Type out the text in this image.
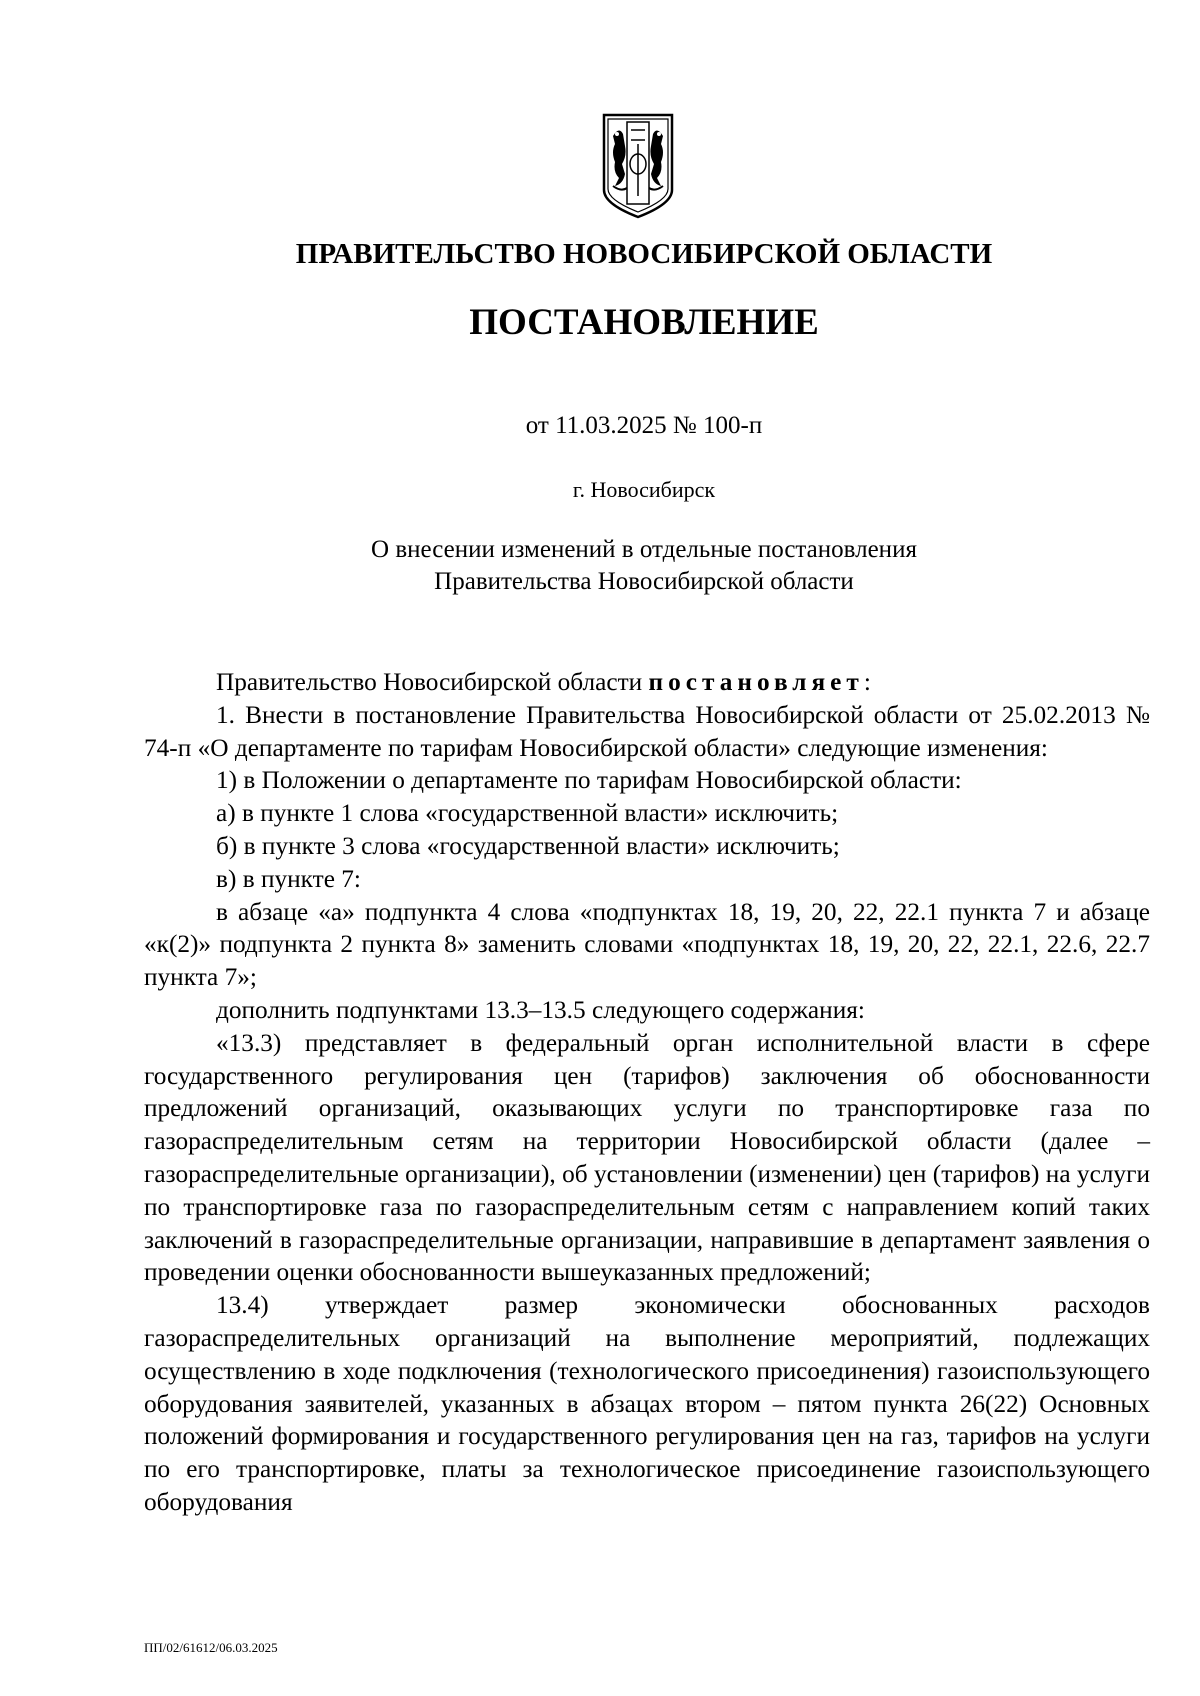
ПРАВИТЕЛЬСТВО НОВОСИБИРСКОЙ ОБЛАСТИ
ПОСТАНОВЛЕНИЕ
от 11.03.2025 № 100-п
г. Новосибирск
О внесении изменений в отдельные постановления
Правительства Новосибирской области

Правительство Новосибирской области постановляет:

1. Внести в постановление Правительства Новосибирской области от 25.02.2013 № 74-п «О департаменте по тарифам Новосибирской области» следующие изменения:

1) в Положении о департаменте по тарифам Новосибирской области:

а) в пункте 1 слова «государственной власти» исключить;

б) в пункте 3 слова «государственной власти» исключить;

в) в пункте 7:

в абзаце «а» подпункта 4 слова «подпунктах 18, 19, 20, 22, 22.1 пункта 7 и абзаце «к(2)» подпункта 2 пункта 8» заменить словами «подпунктах 18, 19, 20, 22, 22.1, 22.6, 22.7 пункта 7»;

дополнить подпунктами 13.3–13.5 следующего содержания:

«13.3) представляет в федеральный орган исполнительной власти в сфере государственного регулирования цен (тарифов) заключения об обоснованности предложений организаций, оказывающих услуги по транспортировке газа по газораспределительным сетям на территории Новосибирской области (далее – газораспределительные организации), об установлении (изменении) цен (тарифов) на услуги по транспортировке газа по газораспределительным сетям с направлением копий таких заключений в газораспределительные организации, направившие в департамент заявления о проведении оценки обоснованности вышеуказанных предложений;

13.4) утверждает размер экономически обоснованных расходов газораспределительных организаций на выполнение мероприятий, подлежащих осуществлению в ходе подключения (технологического присоединения) газоиспользующего оборудования заявителей, указанных в абзацах втором – пятом пункта 26(22) Основных положений формирования и государственного регулирования цен на газ, тарифов на услуги по его транспортировке, платы за технологическое присоединение газоиспользующего оборудования

ПП/02/61612/06.03.2025
